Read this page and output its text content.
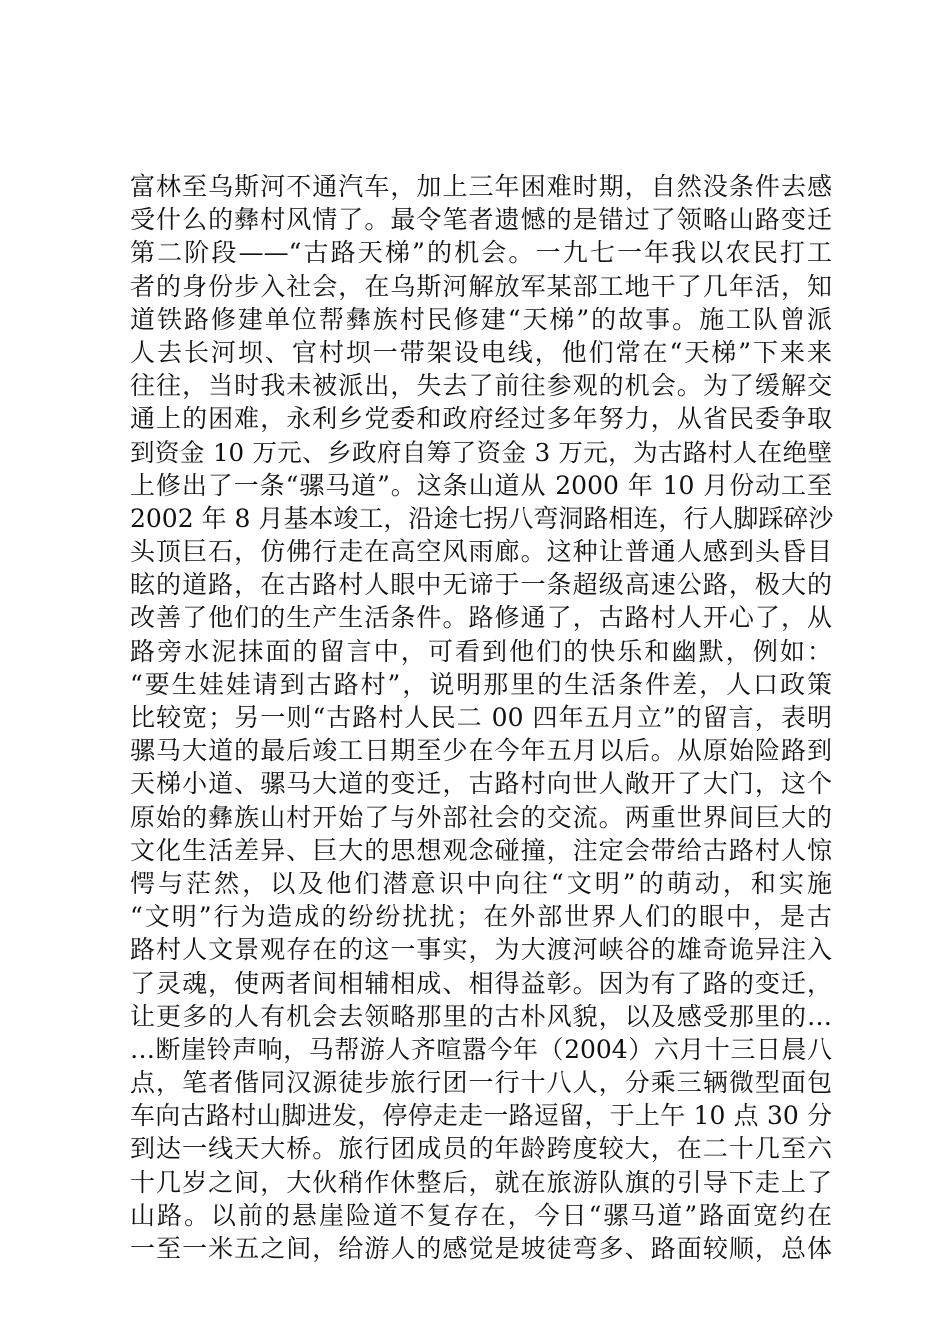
富林至乌斯河不通汽车，加上三年困难时期，自然没条件去感
受什么的彝村风情了。最令笔者遗憾的是错过了领略山路变迁
第二阶段——“古路天梯”的机会。一九七一年我以农民打工
者的身份步入社会，在乌斯河解放军某部工地干了几年活，知
道铁路修建单位帮彝族村民修建“天梯”的故事。施工队曾派
人去长河坝、官村坝一带架设电线，他们常在“天梯”下来来
往往，当时我未被派出，失去了前往参观的机会。为了缓解交
通上的困难，永利乡党委和政府经过多年努力，从省民委争取
到资金 10 万元、乡政府自筹了资金 3 万元，为古路村人在绝壁
上修出了一条“骡马道”。这条山道从 2000 年 10 月份动工至
2002 年 8 月基本竣工，沿途七拐八弯洞路相连，行人脚踩碎沙
头顶巨石，仿佛行走在高空风雨廊。这种让普通人感到头昏目
眩的道路，在古路村人眼中无谛于一条超级高速公路，极大的
改善了他们的生产生活条件。路修通了，古路村人开心了，从
路旁水泥抹面的留言中，可看到他们的快乐和幽默，例如：
“要生娃娃请到古路村”，说明那里的生活条件差，人口政策
比较宽；另一则“古路村人民二 00 四年五月立”的留言，表明
骡马大道的最后竣工日期至少在今年五月以后。从原始险路到
天梯小道、骡马大道的变迁，古路村向世人敞开了大门，这个
原始的彝族山村开始了与外部社会的交流。两重世界间巨大的
文化生活差异、巨大的思想观念碰撞，注定会带给古路村人惊
愕与茫然，以及他们潜意识中向往“文明”的萌动，和实施
“文明”行为造成的纷纷扰扰；在外部世界人们的眼中，是古
路村人文景观存在的这一事实，为大渡河峡谷的雄奇诡异注入
了灵魂，使两者间相辅相成、相得益彰。因为有了路的变迁，
让更多的人有机会去领略那里的古朴风貌，以及感受那里的…
…断崖铃声响，马帮游人齐喧嚣今年（2004）六月十三日晨八
点，笔者偕同汉源徒步旅行团一行十八人，分乘三辆微型面包
车向古路村山脚进发，停停走走一路逗留，于上午 10 点 30 分
到达一线天大桥。旅行团成员的年龄跨度较大，在二十几至六
十几岁之间，大伙稍作休整后，就在旅游队旗的引导下走上了
山路。以前的悬崖险道不复存在，今日“骡马道”路面宽约在
一至一米五之间，给游人的感觉是坡徒弯多、路面较顺，总体
